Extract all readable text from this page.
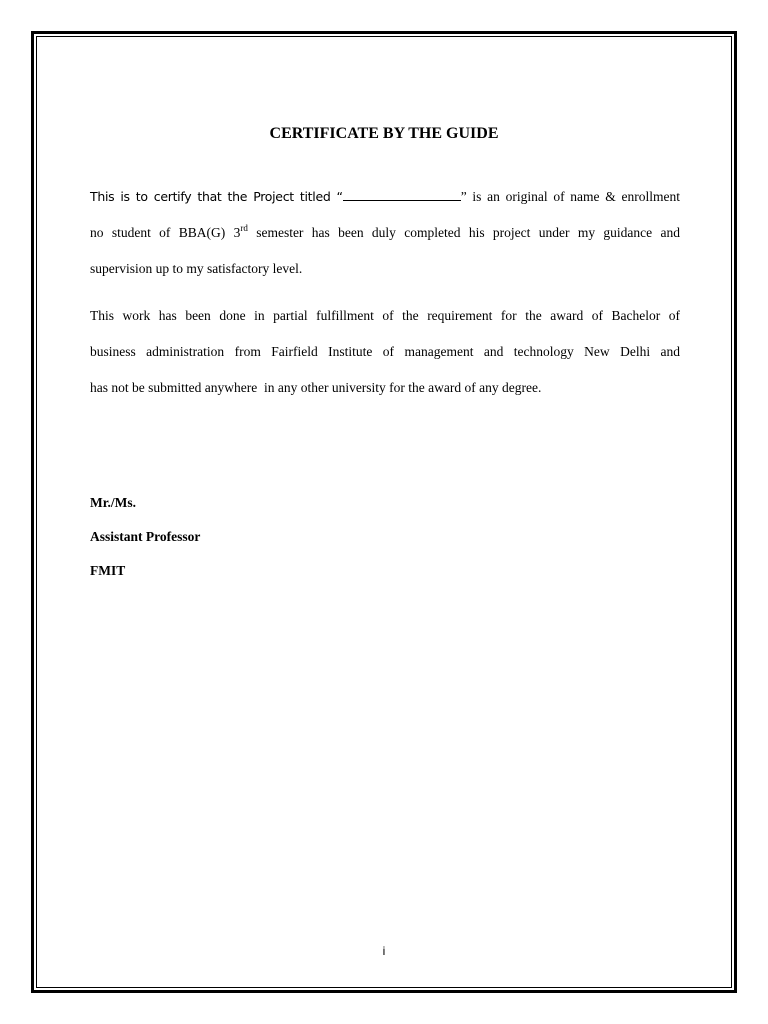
CERTIFICATE BY THE GUIDE

This is to certify that the Project titled “	” is an original of name & enrollment
no student of BBA(G) 3rd semester has been duly completed his project under my guidance and
supervision up to my satisfactory level.

This work has been done in partial fulfillment of the requirement for the award of Bachelor of
business administration from Fairfield Institute of management and technology New Delhi and
has not be submitted anywhere  in any other university for the award of any degree.

Mr./Ms.

Assistant Professor

FMIT

i
